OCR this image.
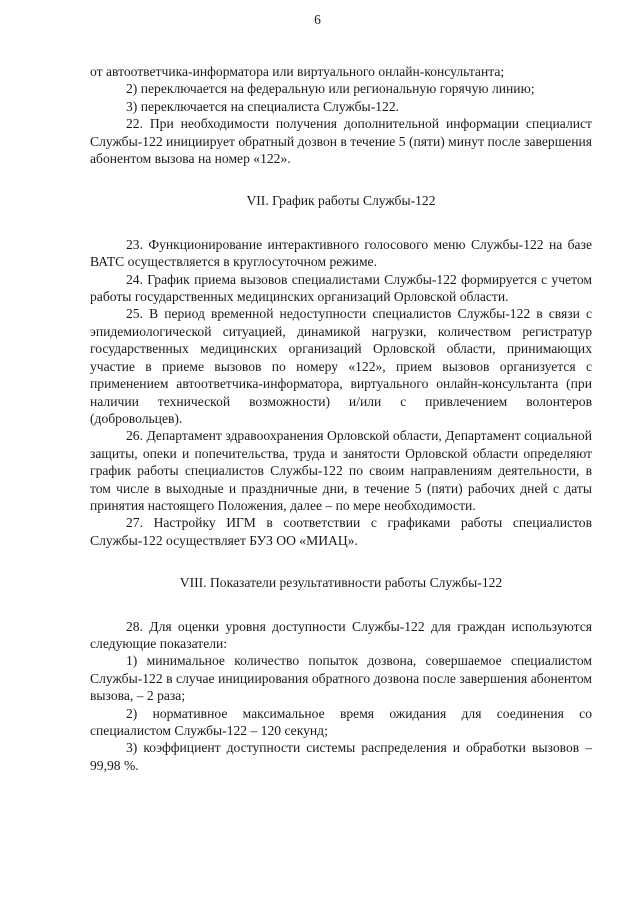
6

от автоответчика-информатора или виртуального онлайн-консультанта;

2) переключается на федеральную или региональную горячую линию;

3) переключается на специалиста Службы-122.

22. При необходимости получения дополнительной информации специалист Службы-122 инициирует обратный дозвон в течение 5 (пяти) минут после завершения абонентом вызова на номер «122».

VII. График работы Службы-122

23. Функционирование интерактивного голосового меню Службы-122 на базе ВАТС осуществляется в круглосуточном режиме.

24. График приема вызовов специалистами Службы-122 формируется с учетом работы государственных медицинских организаций Орловской области.

25. В период временной недоступности специалистов Службы-122 в связи с эпидемиологической ситуацией, динамикой нагрузки, количеством регистратур государственных медицинских организаций Орловской области, принимающих участие в приеме вызовов по номеру «122», прием вызовов организуется с применением автоответчика-информатора, виртуального онлайн-консультанта (при наличии технической возможности) и/или с привлечением волонтеров (добровольцев).

26. Департамент здравоохранения Орловской области, Департамент социальной защиты, опеки и попечительства, труда и занятости Орловской области определяют график работы специалистов Службы-122 по своим направлениям деятельности, в том числе в выходные и праздничные дни, в течение 5 (пяти) рабочих дней с даты принятия настоящего Положения, далее – по мере необходимости.

27. Настройку ИГМ в соответствии с графиками работы специалистов Службы-122 осуществляет БУЗ ОО «МИАЦ».

VIII. Показатели результативности работы Службы-122

28. Для оценки уровня доступности Службы-122 для граждан используются следующие показатели:

1) минимальное количество попыток дозвона, совершаемое специалистом Службы-122 в случае инициирования обратного дозвона после завершения абонентом вызова, – 2 раза;

2) нормативное максимальное время ожидания для соединения со специалистом Службы-122 – 120 секунд;

3) коэффициент доступности системы распределения и обработки вызовов – 99,98 %.
